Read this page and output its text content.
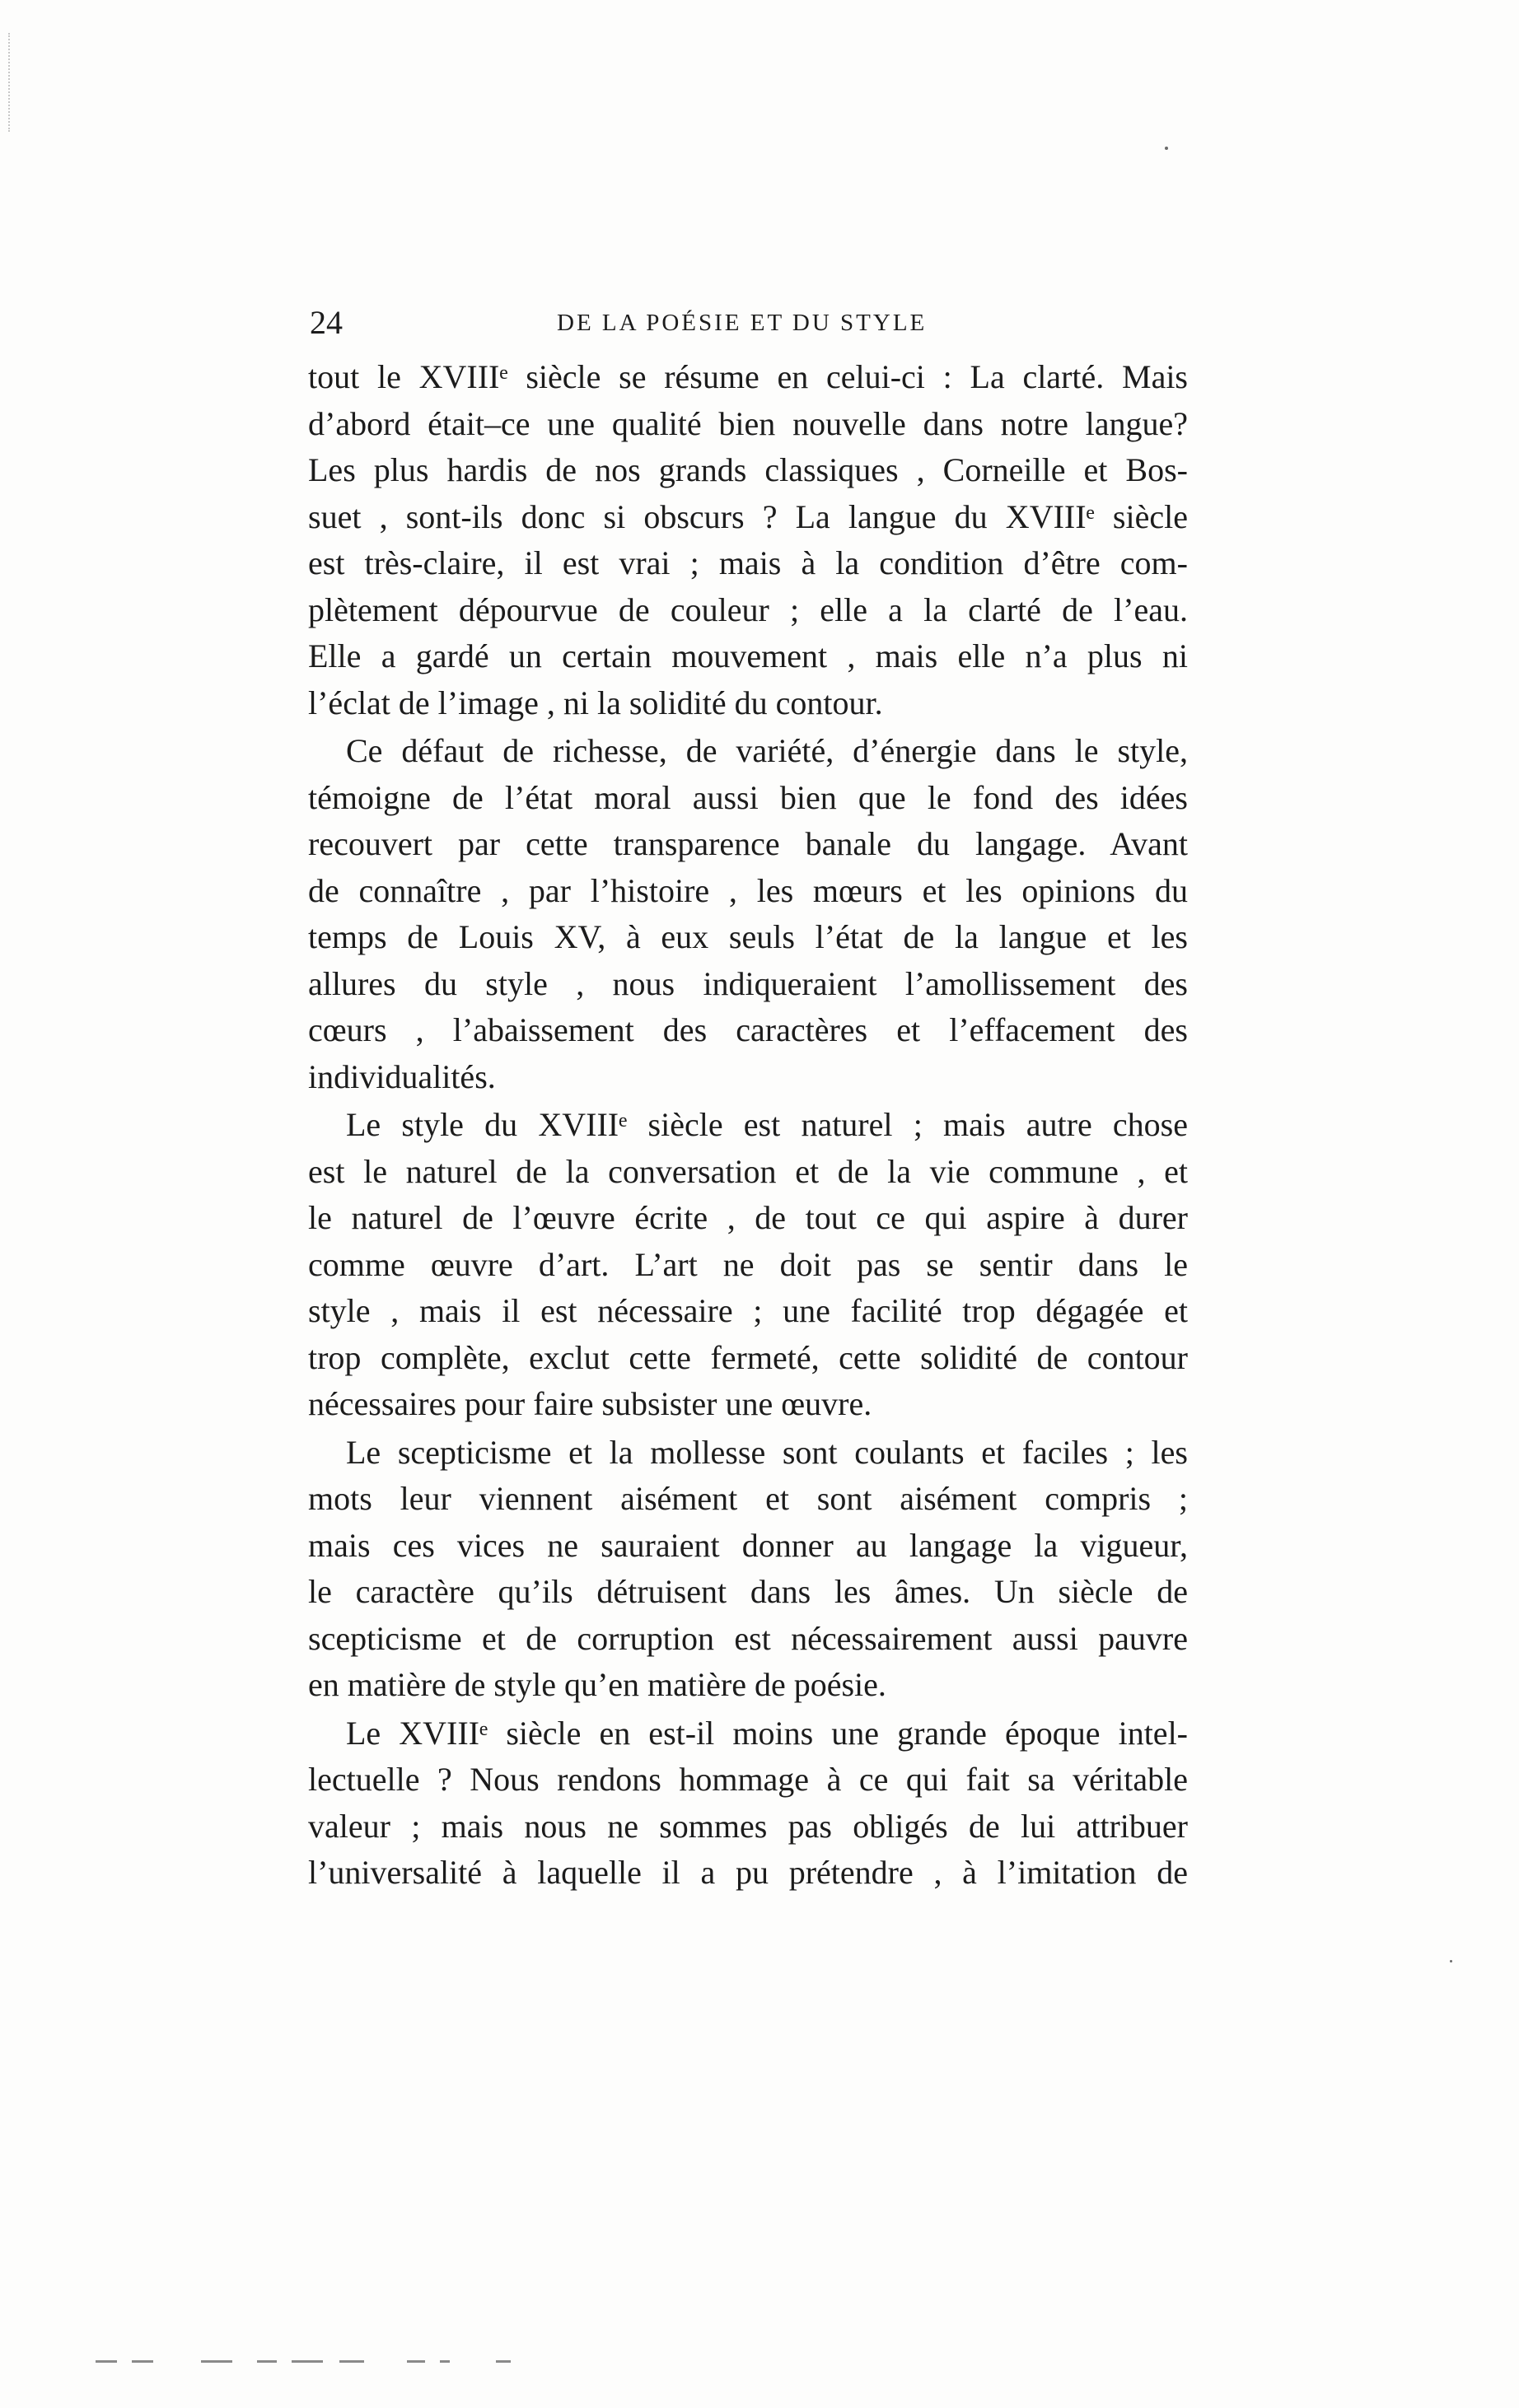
24	DE LA POÉSIE ET DU STYLE

tout le XVIIIᵉ siècle se résume en celui-ci : La clarté. Mais
d’abord était–ce une qualité bien nouvelle dans notre langue?
Les plus hardis de nos grands classiques , Corneille et Bos-
suet , sont-ils donc si obscurs ? La langue du XVIIIᵉ siècle
est très-claire, il est vrai ; mais à la condition d’être com-
plètement dépourvue de couleur ; elle a la clarté de l’eau.
Elle a gardé un certain mouvement , mais elle n’a plus ni
l’éclat de l’image , ni la solidité du contour.

Ce défaut de richesse, de variété, d’énergie dans le style,
témoigne de l’état moral aussi bien que le fond des idées
recouvert par cette transparence banale du langage. Avant
de connaître , par l’histoire , les mœurs et les opinions du
temps de Louis XV, à eux seuls l’état de la langue et les
allures du style , nous indiqueraient l’amollissement des
cœurs , l’abaissement des caractères et l’effacement des
individualités.

Le style du XVIIIᵉ siècle est naturel ; mais autre chose
est le naturel de la conversation et de la vie commune , et
le naturel de l’œuvre écrite , de tout ce qui aspire à durer
comme œuvre d’art. L’art ne doit pas se sentir dans le
style , mais il est nécessaire ; une facilité trop dégagée et
trop complète, exclut cette fermeté, cette solidité de contour
nécessaires pour faire subsister une œuvre.

Le scepticisme et la mollesse sont coulants et faciles ; les
mots leur viennent aisément et sont aisément compris ;
mais ces vices ne sauraient donner au langage la vigueur,
le caractère qu’ils détruisent dans les âmes. Un siècle de
scepticisme et de corruption est nécessairement aussi pauvre
en matière de style qu’en matière de poésie.

Le XVIIIᵉ siècle en est-il moins une grande époque intel-
lectuelle ? Nous rendons hommage à ce qui fait sa véritable
valeur ; mais nous ne sommes pas obligés de lui attribuer
l’universalité à laquelle il a pu prétendre , à l’imitation de
